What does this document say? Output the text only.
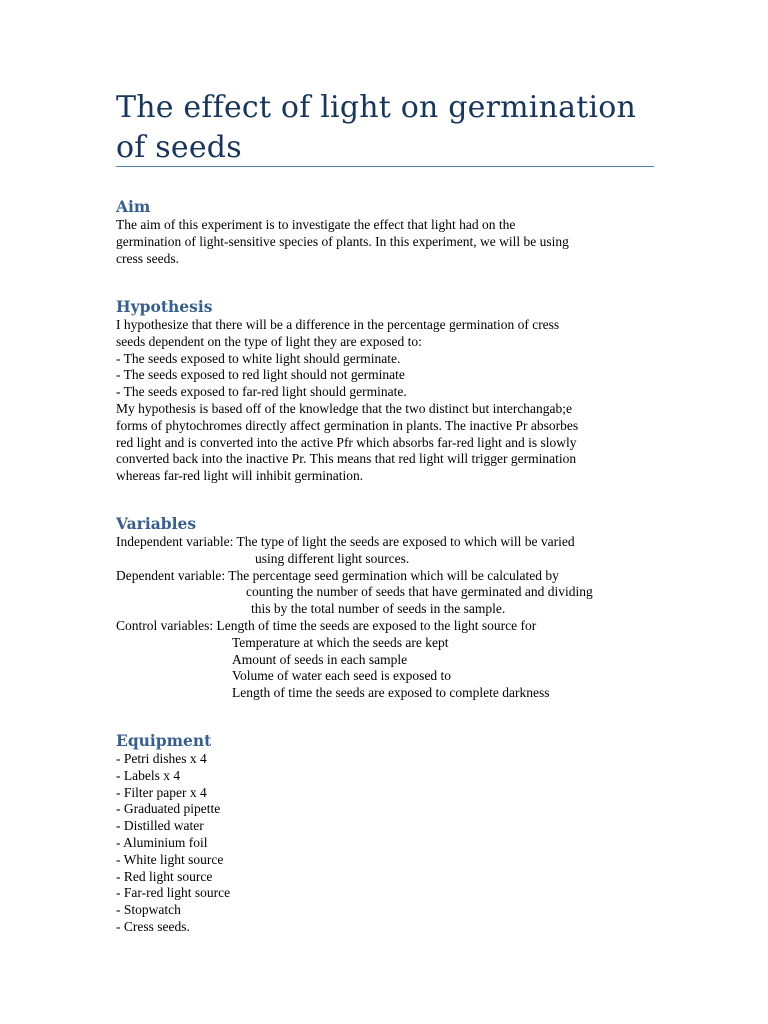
The effect of light on germination of seeds
Aim
The aim of this experiment is to investigate the effect that light had on the
germination of light-sensitive species of plants. In this experiment, we will be using
cress seeds.
Hypothesis
I hypothesize that there will be a difference in the percentage germination of cress
seeds dependent on the type of light they are exposed to:
- The seeds exposed to white light should germinate.
- The seeds exposed to red light should not germinate
- The seeds exposed to far-red light should germinate.
My hypothesis is based off of the knowledge that the two distinct but interchangab;e
forms of phytochromes directly affect germination in plants. The inactive Pr absorbes
red light and is converted into the active Pfr which absorbs far-red light and is slowly
converted back into the inactive Pr. This means that red light will trigger germination
whereas far-red light will inhibit germination.
Variables
Independent variable: The type of light the seeds are exposed to which will be varied
using different light sources.
Dependent variable: The percentage seed germination which will be calculated by
counting the number of seeds that have germinated and dividing
this by the total number of seeds in the sample.
Control variables: Length of time the seeds are exposed to the light source for
Temperature at which the seeds are kept
Amount of seeds in each sample
Volume of water each seed is exposed to
Length of time the seeds are exposed to complete darkness
Equipment
- Petri dishes x 4
- Labels x 4
- Filter paper x 4
- Graduated pipette
- Distilled water
- Aluminium foil
- White light source
- Red light source
- Far-red light source
- Stopwatch
- Cress seeds.
